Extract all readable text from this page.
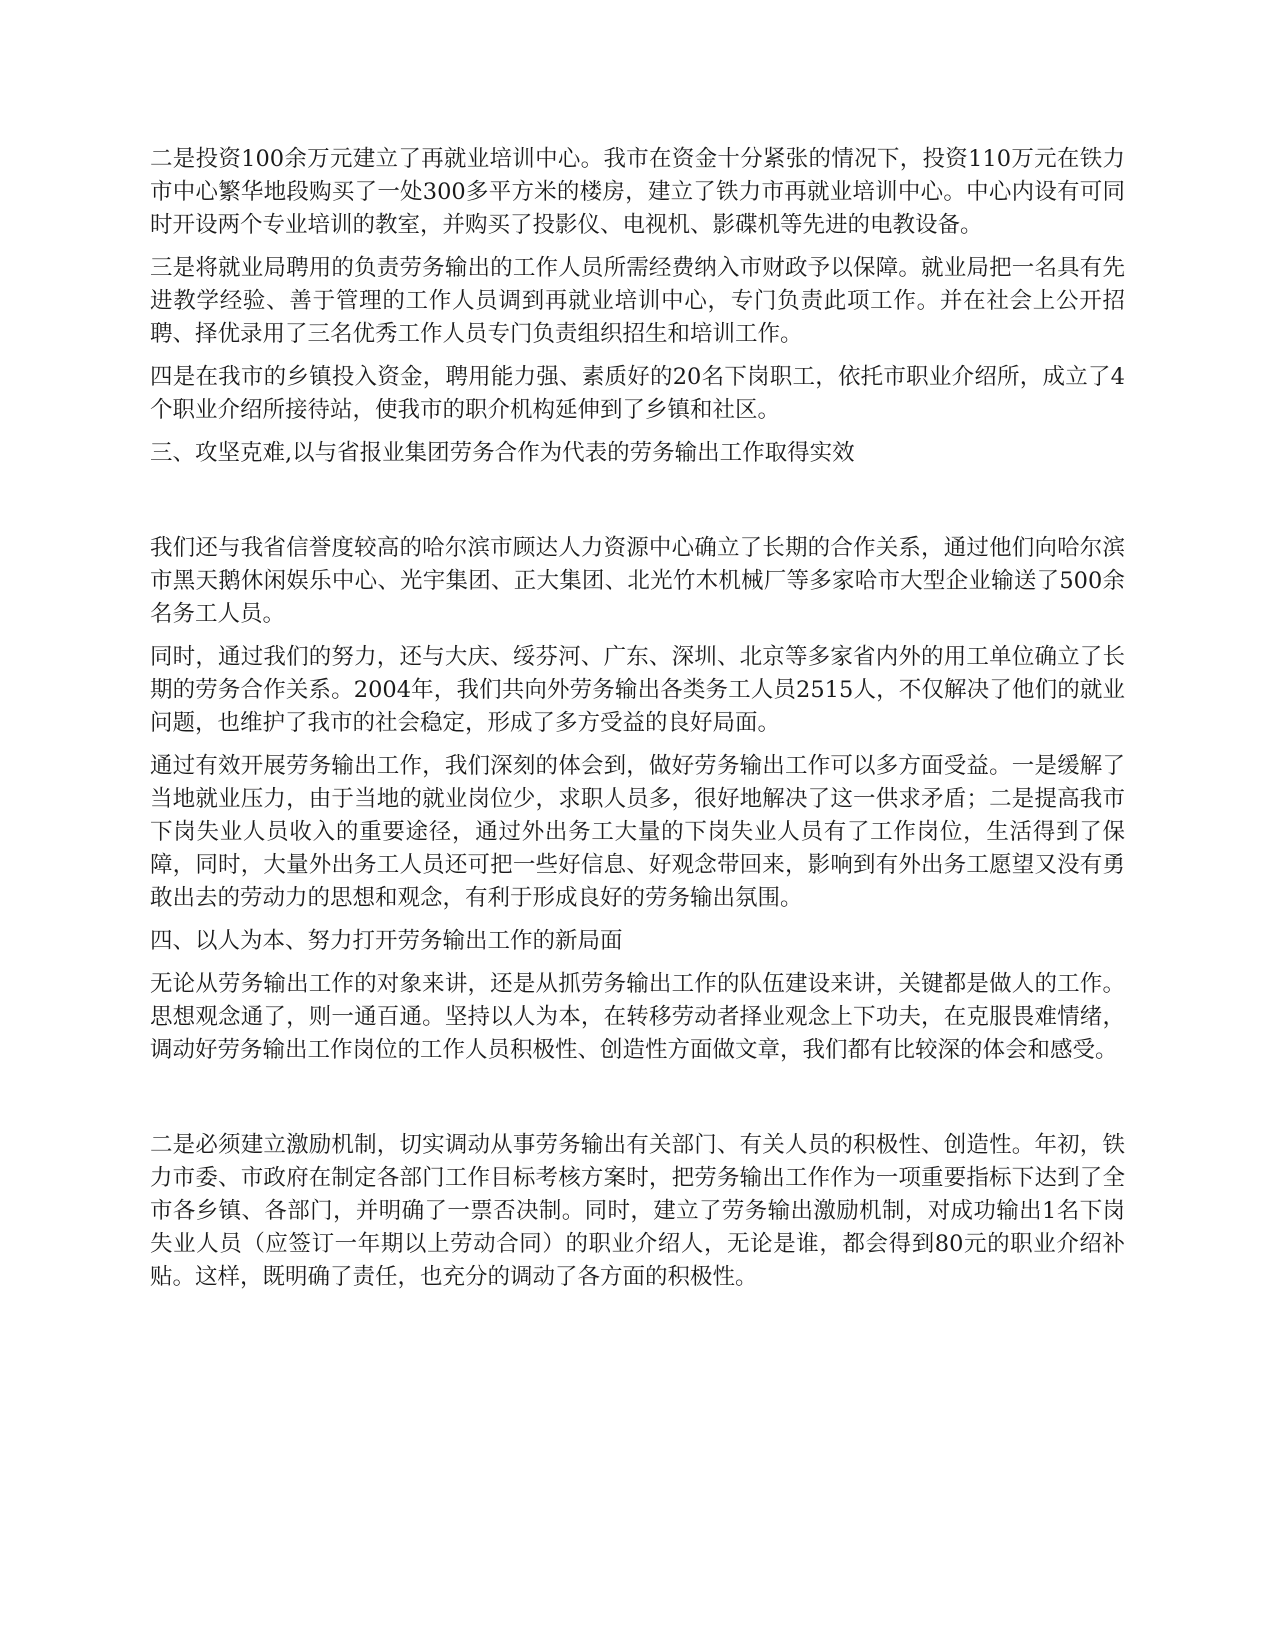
二是投资100余万元建立了再就业培训中心。我市在资金十分紧张的情况下，投资110万元在铁力市中心繁华地段购买了一处300多平方米的楼房，建立了铁力市再就业培训中心。中心内设有可同时开设两个专业培训的教室，并购买了投影仪、电视机、影碟机等先进的电教设备。

三是将就业局聘用的负责劳务输出的工作人员所需经费纳入市财政予以保障。就业局把一名具有先进教学经验、善于管理的工作人员调到再就业培训中心，专门负责此项工作。并在社会上公开招聘、择优录用了三名优秀工作人员专门负责组织招生和培训工作。

四是在我市的乡镇投入资金，聘用能力强、素质好的20名下岗职工，依托市职业介绍所，成立了4个职业介绍所接待站，使我市的职介机构延伸到了乡镇和社区。

三、攻坚克难,以与省报业集团劳务合作为代表的劳务输出工作取得实效

我们还与我省信誉度较高的哈尔滨市顾达人力资源中心确立了长期的合作关系，通过他们向哈尔滨市黑天鹅休闲娱乐中心、光宇集团、正大集团、北光竹木机械厂等多家哈市大型企业输送了500余名务工人员。

同时，通过我们的努力，还与大庆、绥芬河、广东、深圳、北京等多家省内外的用工单位确立了长期的劳务合作关系。2004年，我们共向外劳务输出各类务工人员2515人，不仅解决了他们的就业问题，也维护了我市的社会稳定，形成了多方受益的良好局面。

通过有效开展劳务输出工作，我们深刻的体会到，做好劳务输出工作可以多方面受益。一是缓解了当地就业压力，由于当地的就业岗位少，求职人员多，很好地解决了这一供求矛盾；二是提高我市下岗失业人员收入的重要途径，通过外出务工大量的下岗失业人员有了工作岗位，生活得到了保障，同时，大量外出务工人员还可把一些好信息、好观念带回来，影响到有外出务工愿望又没有勇敢出去的劳动力的思想和观念，有利于形成良好的劳务输出氛围。

四、以人为本、努力打开劳务输出工作的新局面

无论从劳务输出工作的对象来讲，还是从抓劳务输出工作的队伍建设来讲，关键都是做人的工作。思想观念通了，则一通百通。坚持以人为本，在转移劳动者择业观念上下功夫，在克服畏难情绪，调动好劳务输出工作岗位的工作人员积极性、创造性方面做文章，我们都有比较深的体会和感受。

二是必须建立激励机制，切实调动从事劳务输出有关部门、有关人员的积极性、创造性。年初，铁力市委、市政府在制定各部门工作目标考核方案时，把劳务输出工作作为一项重要指标下达到了全市各乡镇、各部门，并明确了一票否决制。同时，建立了劳务输出激励机制，对成功输出1名下岗失业人员（应签订一年期以上劳动合同）的职业介绍人，无论是谁，都会得到80元的职业介绍补贴。这样，既明确了责任，也充分的调动了各方面的积极性。
